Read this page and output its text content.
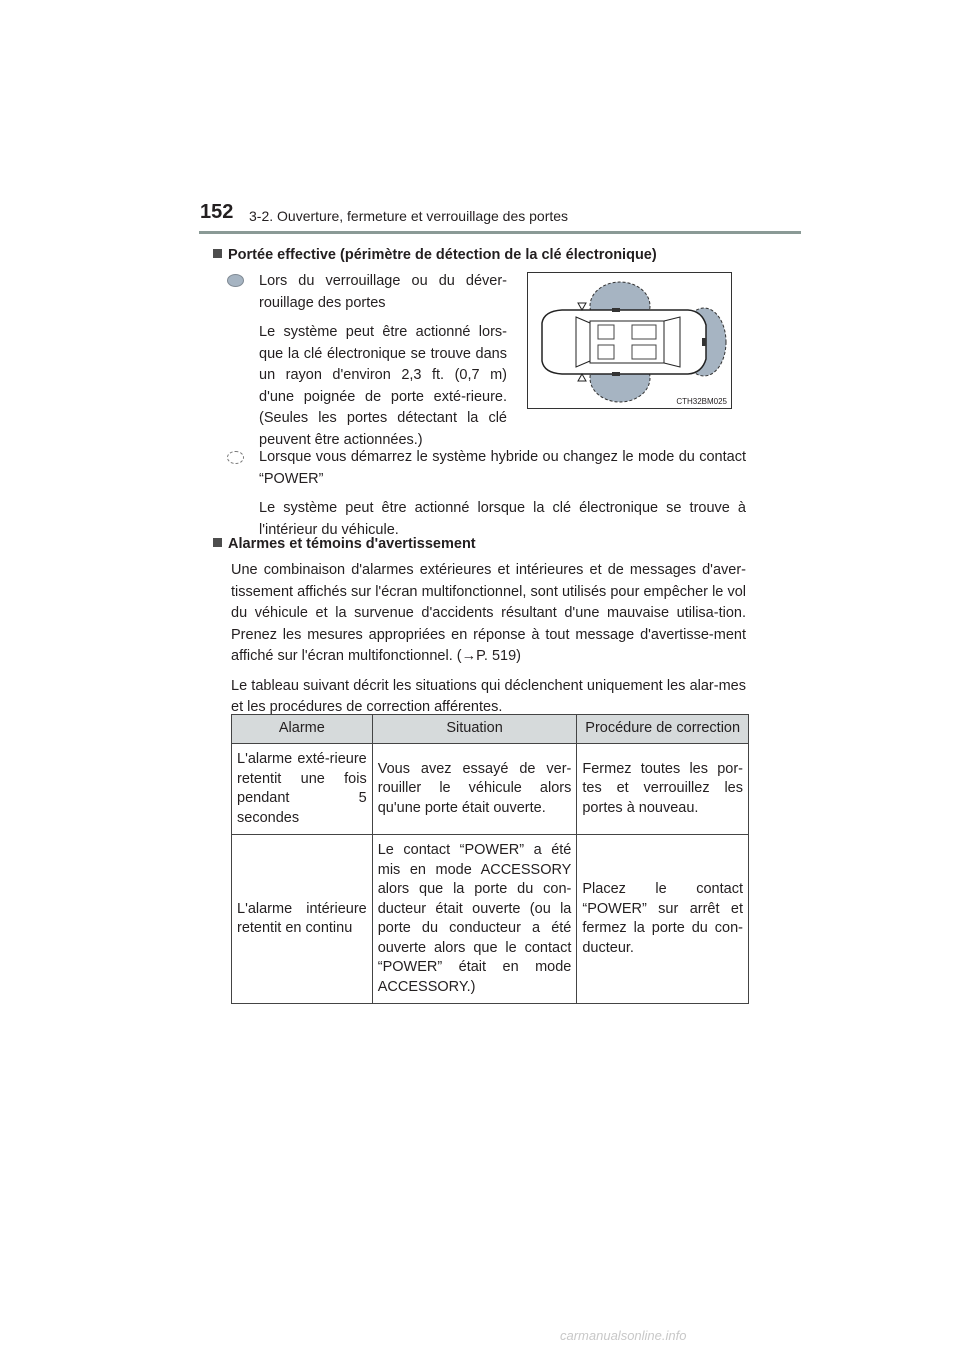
152 3-2. Ouverture, fermeture et verrouillage des portes
Portée effective (périmètre de détection de la clé électronique)

Lors du verrouillage ou du déver-rouillage des portes

Le système peut être actionné lors-que la clé électronique se trouve dans un rayon d'environ 2,3 ft. (0,7 m) d'une poignée de porte exté-rieure. (Seules les portes détectant la clé peuvent être actionnées.)

CTH32BM025

Lorsque vous démarrez le système hybride ou changez le mode du contact “POWER”

Le système peut être actionné lorsque la clé électronique se trouve à l'intérieur du véhicule.

Alarmes et témoins d'avertissement

Une combinaison d'alarmes extérieures et intérieures et de messages d'aver-tissement affichés sur l'écran multifonctionnel, sont utilisés pour empêcher le vol du véhicule et la survenue d'accidents résultant d'une mauvaise utilisa-tion. Prenez les mesures appropriées en réponse à tout message d'avertisse-ment affiché sur l'écran multifonctionnel. (→P. 519)

Le tableau suivant décrit les situations qui déclenchent uniquement les alar-mes et les procédures de correction afférentes.

Alarme	Situation	Procédure de correction
L'alarme exté-rieure retentit une fois pendant 5 secondes	Vous avez essayé de ver-rouiller le véhicule alors qu'une porte était ouverte.	Fermez toutes les por-tes et verrouillez les portes à nouveau.
L'alarme intérieure retentit en continu	Le contact “POWER” a été mis en mode ACCESSORY alors que la porte du con-ducteur était ouverte (ou la porte du conducteur a été ouverte alors que le contact “POWER” était en mode ACCESSORY.)	Placez le contact “POWER” sur arrêt et fermez la porte du con-ducteur.
carmanualsonline.info
